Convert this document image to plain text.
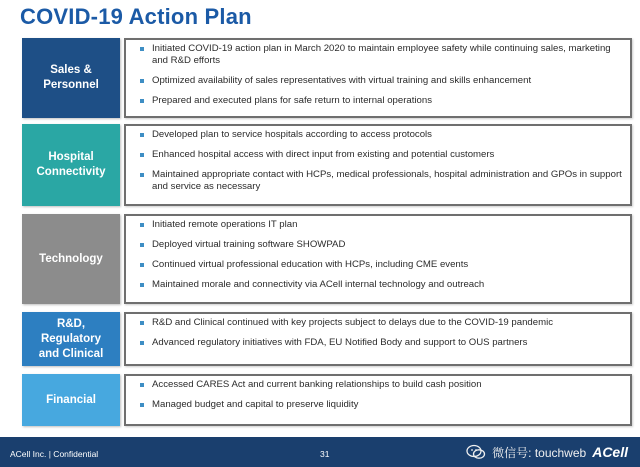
COVID-19 Action Plan
Sales & Personnel
Initiated COVID-19 action plan in March 2020 to maintain employee safety while continuing sales, marketing and R&D efforts
Optimized availability of sales representatives with virtual training and skills enhancement
Prepared and executed plans for safe return to internal operations
Hospital Connectivity
Developed plan to service hospitals according to access protocols
Enhanced hospital access with direct input from existing and potential customers
Maintained appropriate contact with HCPs, medical professionals, hospital administration and GPOs in support and service as necessary
Technology
Initiated remote operations IT plan
Deployed virtual training software SHOWPAD
Continued virtual professional education with HCPs, including CME events
Maintained morale and connectivity via ACell internal technology and outreach
R&D, Regulatory and Clinical
R&D and Clinical continued with key projects subject to delays due to the COVID-19 pandemic
Advanced regulatory initiatives with FDA, EU Notified Body and support to OUS partners
Financial
Accessed CARES Act and current banking relationships to build cash position
Managed budget and capital to preserve liquidity
ACell Inc. | Confidential	31	微信号: touchweb ACell
